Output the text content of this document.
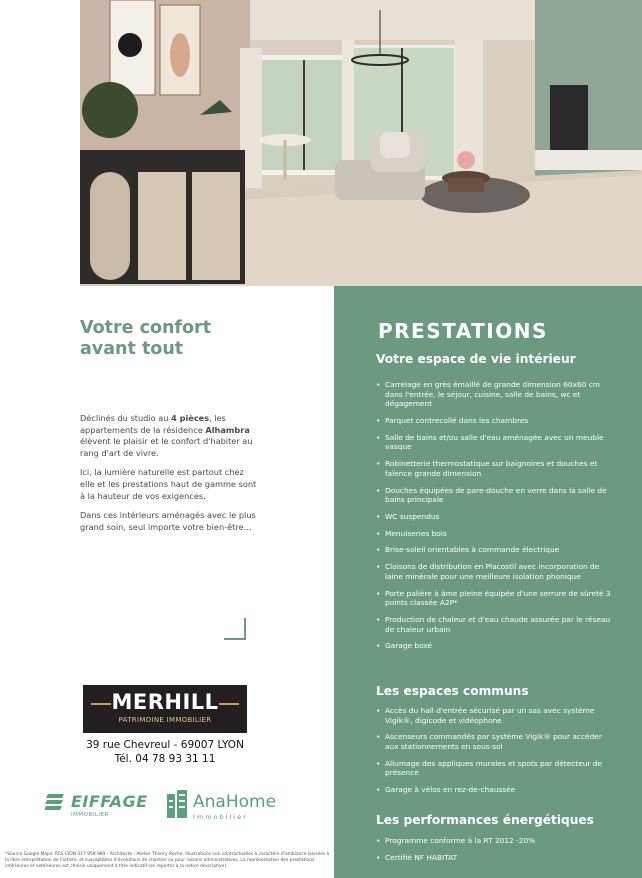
Votre confort
avant tout

Déclinés du studio au 4 pièces, les appartements de la résidence Alhambra élèvent le plaisir et le confort d'habiter au rang d'art de vivre.

Ici, la lumière naturelle est partout chez elle et les prestations haut de gamme sont à la hauteur de vos exigences.

Dans ces intérieurs aménagés avec le plus grand soin, seul importe votre bien-être…

MERHILL
PATRIMOINE IMMOBILIER
39 rue Chevreul - 69007 LYON
Tél. 04 78 93 31 11
EIFFAGE
IMMOBILIER
AnaHome
Immobilier
*Source Google Maps. RCS LYON 317 959 989 - Architecte : Atelier Thierry Roche. Illustrations non contractuelles à caractère d'ambiance laissées à la libre interprétation de l'artiste, et susceptibles d'évolutions de chantier ou pour raisons administratives. La représentation des prestations intérieures et extérieures est choisie uniquement à titre indicatif (se reporter à la notice descriptive).
PRESTATIONS
Votre espace de vie intérieur
• Carrelage en grès émaillé de grande dimension 60x60 cm dans l'entrée, le séjour, cuisine, salle de bains, wc et dégagement
• Parquet contrecollé dans les chambres
• Salle de bains et/ou salle d'eau aménagée avec un meuble vasque
• Robinetterie thermostatique sur baignoires et douches et faïence grande dimension
• Douches équipées de pare-douche en verre dans la salle de bains principale
• WC suspendus
• Menuiseries bois
• Brise-soleil orientables à commande électrique
• Cloisons de distribution en Placostil avec incorporation de laine minérale pour une meilleure isolation phonique
• Porte palière à âme pleine équipée d'une serrure de sûreté 3 points classée A2P*
• Production de chaleur et d'eau chaude assurée par le réseau de chaleur urbain
• Garage boxé
Les espaces communs
• Accès du hall d'entrée sécurisé par un sas avec système Vigik®, digicode et vidéophone
• Ascenseurs commandés par système Vigik® pour accéder aux stationnements en sous-sol
• Allumage des appliques murales et spots par détecteur de présence
• Garage à vélos en rez-de-chaussée
Les performances énergétiques
• Programme conforme à la RT 2012 -20%
• Certifié NF HABITAT
